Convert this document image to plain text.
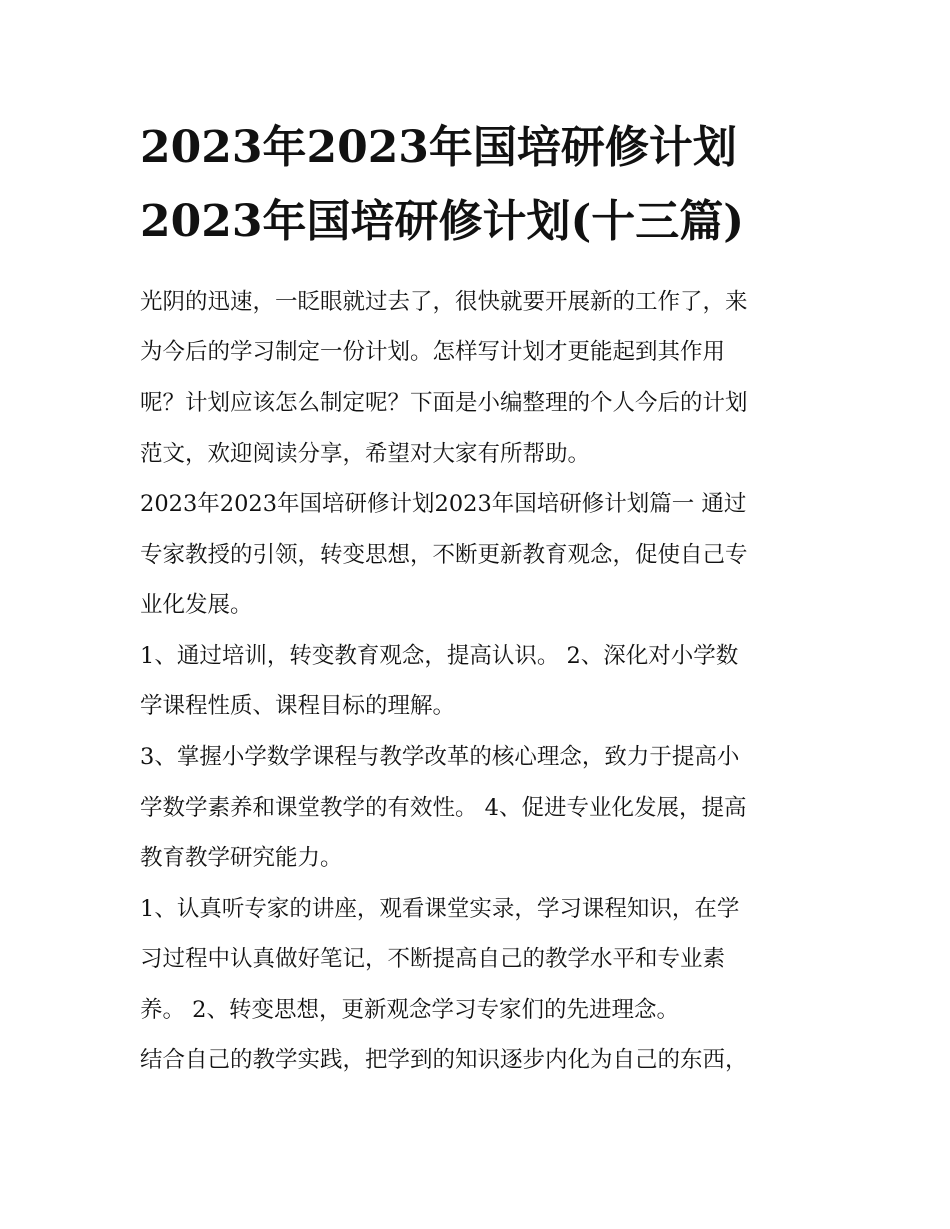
2023年2023年国培研修计划
2023年国培研修计划(十三篇)

光阴的迅速，一眨眼就过去了，很快就要开展新的工作了，来

为今后的学习制定一份计划。怎样写计划才更能起到其作用

呢？计划应该怎么制定呢？下面是小编整理的个人今后的计划

范文，欢迎阅读分享，希望对大家有所帮助。

2023年2023年国培研修计划2023年国培研修计划篇一 通过

专家教授的引领，转变思想，不断更新教育观念，促使自己专

业化发展。

1、通过培训，转变教育观念，提高认识。 2、深化对小学数

学课程性质、课程目标的理解。

3、掌握小学数学课程与教学改革的核心理念，致力于提高小

学数学素养和课堂教学的有效性。 4、促进专业化发展，提高

教育教学研究能力。

1、认真听专家的讲座，观看课堂实录，学习课程知识，在学

习过程中认真做好笔记，不断提高自己的教学水平和专业素

养。 2、转变思想，更新观念学习专家们的先进理念。

结合自己的教学实践，把学到的知识逐步内化为自己的东西，
